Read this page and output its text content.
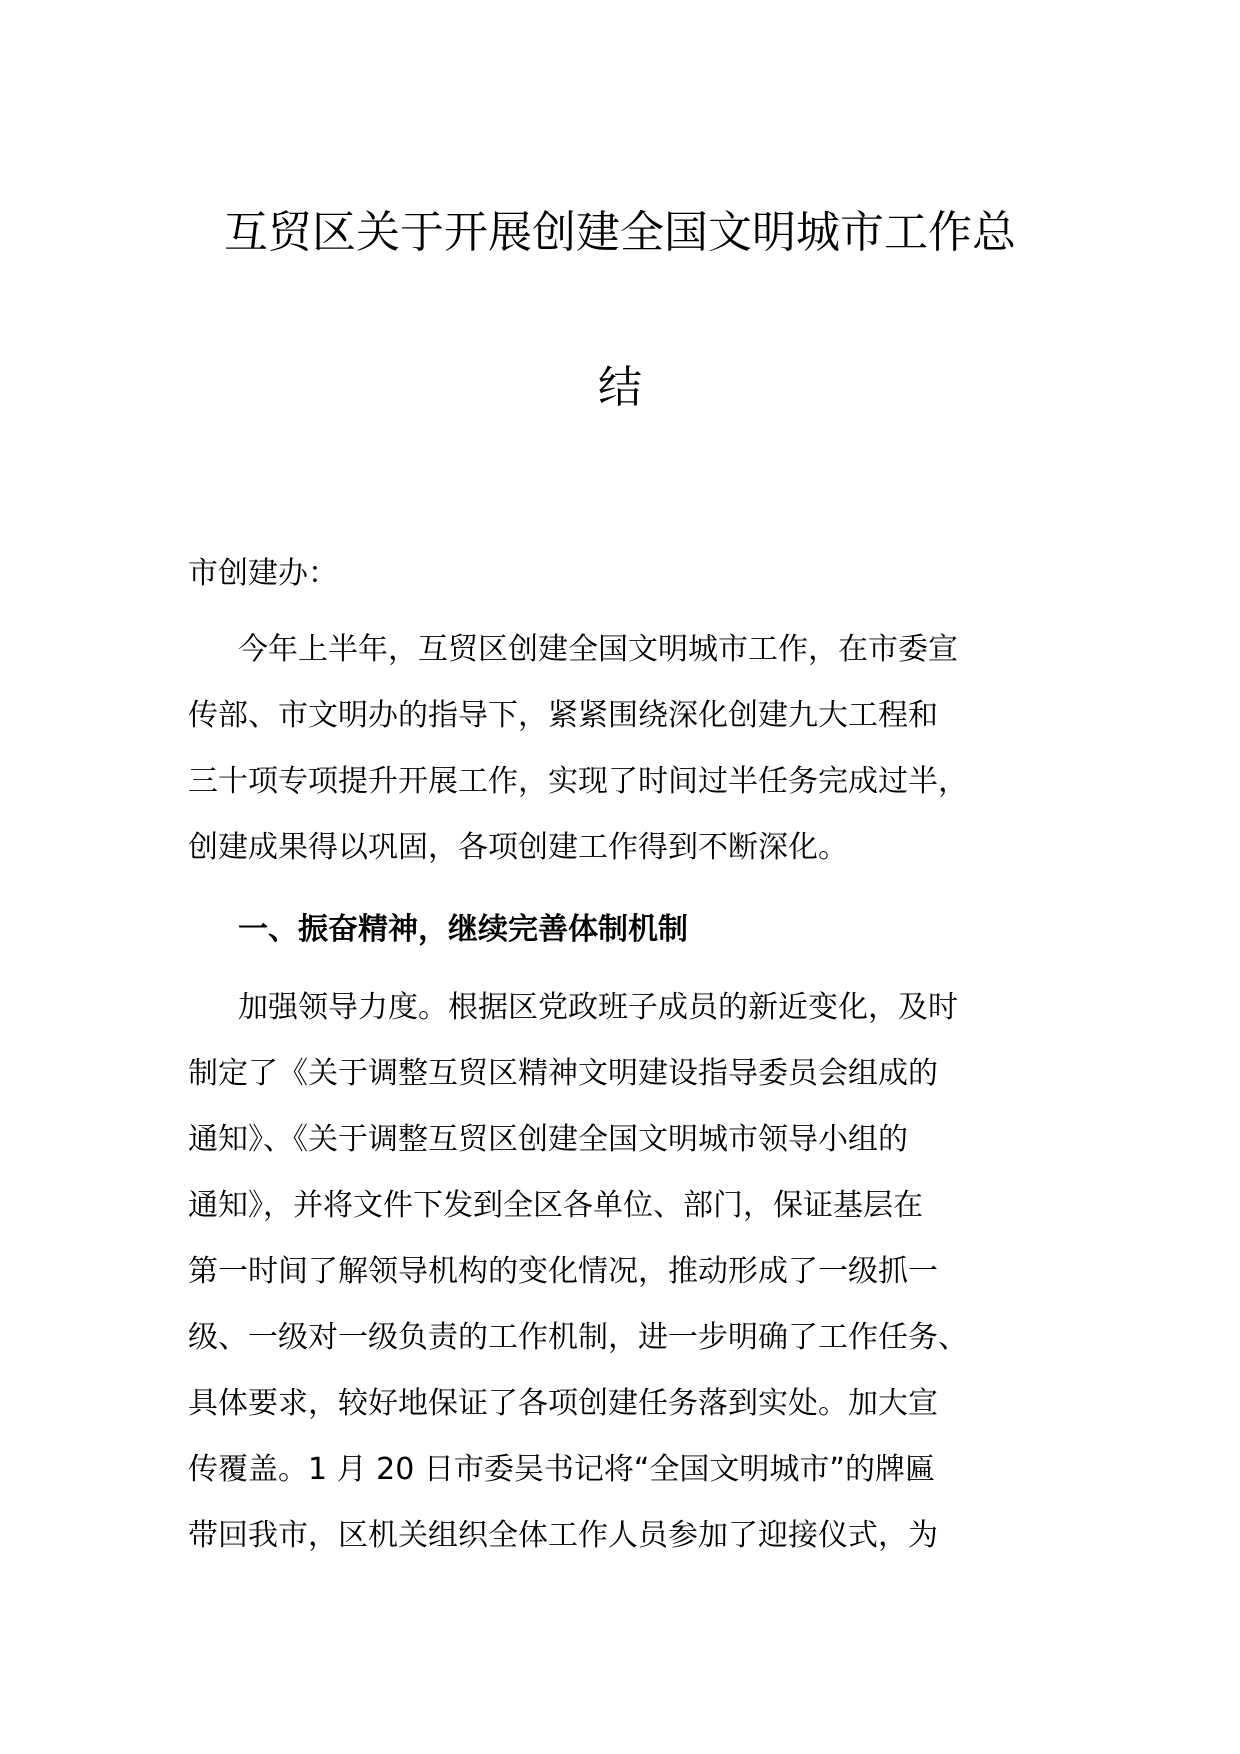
互贸区关于开展创建全国文明城市工作总
结
市创建办：
今年上半年，互贸区创建全国文明城市工作，在市委宣
传部、市文明办的指导下，紧紧围绕深化创建九大工程和
三十项专项提升开展工作，实现了时间过半任务完成过半，
创建成果得以巩固，各项创建工作得到不断深化。
一、振奋精神，继续完善体制机制
加强领导力度。根据区党政班子成员的新近变化，及时
制定了《关于调整互贸区精神文明建设指导委员会组成的
通知》、《关于调整互贸区创建全国文明城市领导小组的
通知》，并将文件下发到全区各单位、部门，保证基层在
第一时间了解领导机构的变化情况，推动形成了一级抓一
级、一级对一级负责的工作机制，进一步明确了工作任务、
具体要求，较好地保证了各项创建任务落到实处。加大宣
传覆盖。1 月 20 日市委吴书记将“全国文明城市”的牌匾
带回我市，区机关组织全体工作人员参加了迎接仪式，为
